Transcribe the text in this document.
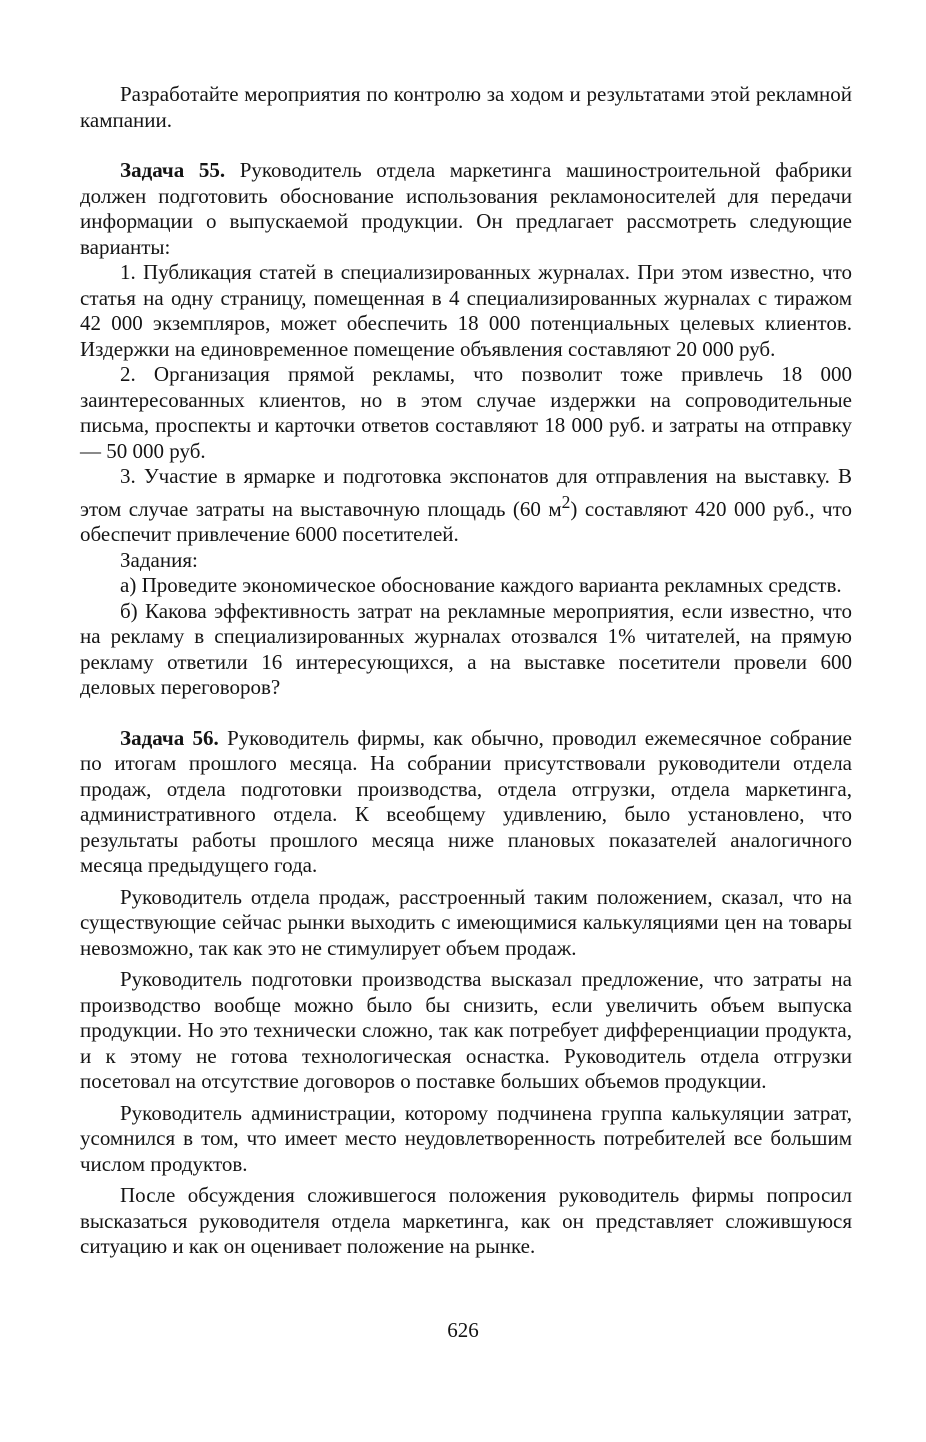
Разработайте мероприятия по контролю за ходом и результатами этой рекламной кампании.

Задача 55. Руководитель отдела маркетинга машиностроительной фабрики должен подготовить обоснование использования рекламоносителей для передачи информации о выпускаемой продукции. Он предлагает рассмотреть следующие варианты:

1. Публикация статей в специализированных журналах. При этом известно, что статья на одну страницу, помещенная в 4 специализированных журналах с тиражом 42 000 экземпляров, может обеспечить 18 000 потенциальных целевых клиентов. Издержки на единовременное помещение объявления составляют 20 000 руб.

2. Организация прямой рекламы, что позволит тоже привлечь 18 000 заинтересованных клиентов, но в этом случае издержки на сопроводительные письма, проспекты и карточки ответов составляют 18 000 руб. и затраты на отправку — 50 000 руб.

3. Участие в ярмарке и подготовка экспонатов для отправления на выставку. В этом случае затраты на выставочную площадь (60 $м^2$) составляют 420 000 руб., что обеспечит привлечение 6000 посетителей.

Задания:

а) Проведите экономическое обоснование каждого варианта рекламных средств.

б) Какова эффективность затрат на рекламные мероприятия, если известно, что на рекламу в специализированных журналах отозвался 1% читателей, на прямую рекламу ответили 16 интересующихся, а на выставке посетители провели 600 деловых переговоров?

Задача 56. Руководитель фирмы, как обычно, проводил ежемесячное собрание по итогам прошлого месяца. На собрании присутствовали руководители отдела продаж, отдела подготовки производства, отдела отгрузки, отдела маркетинга, административного отдела. К всеобщему удивлению, было установлено, что результаты работы прошлого месяца ниже плановых показателей аналогичного месяца предыдущего года.

Руководитель отдела продаж, расстроенный таким положением, сказал, что на существующие сейчас рынки выходить с имеющимися калькуляциями цен на товары невозможно, так как это не стимулирует объем продаж.

Руководитель подготовки производства высказал предложение, что затраты на производство вообще можно было бы снизить, если увеличить объем выпуска продукции. Но это технически сложно, так как потребует дифференциации продукта, и к этому не готова технологическая оснастка. Руководитель отдела отгрузки посетовал на отсутствие договоров о поставке больших объемов продукции.

Руководитель администрации, которому подчинена группа калькуляции затрат, усомнился в том, что имеет место неудовлетворенность потребителей все большим числом продуктов.

После обсуждения сложившегося положения руководитель фирмы попросил высказаться руководителя отдела маркетинга, как он представляет сложившуюся ситуацию и как он оценивает положение на рынке.

626
